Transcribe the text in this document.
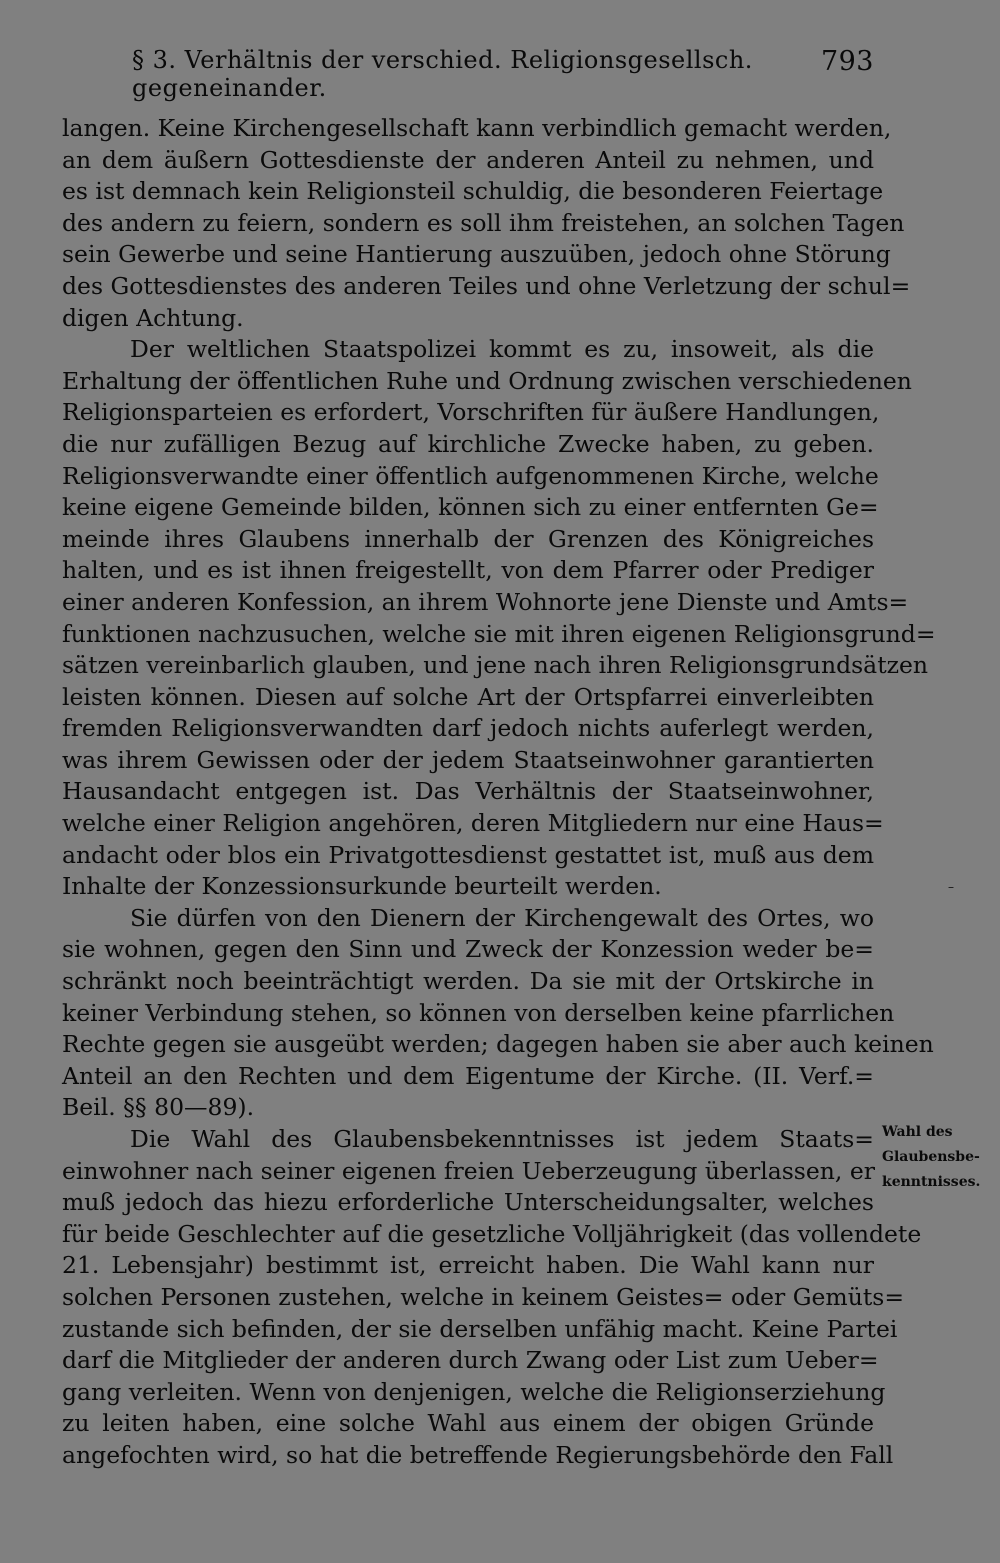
§ 3. Verhältnis der verschied. Religionsgesellsch. gegeneinander.
793
langen. Keine Kirchengesellschaft kann verbindlich gemacht werden,
an dem äußern Gottesdienste der anderen Anteil zu nehmen, und
es ist demnach kein Religionsteil schuldig, die besonderen Feiertage
des andern zu feiern, sondern es soll ihm freistehen, an solchen Tagen
sein Gewerbe und seine Hantierung auszuüben, jedoch ohne Störung
des Gottesdienstes des anderen Teiles und ohne Verletzung der schul=
digen Achtung.
Der weltlichen Staatspolizei kommt es zu, insoweit, als die
Erhaltung der öffentlichen Ruhe und Ordnung zwischen verschiedenen
Religionsparteien es erfordert, Vorschriften für äußere Handlungen,
die nur zufälligen Bezug auf kirchliche Zwecke haben, zu geben.
Religionsverwandte einer öffentlich aufgenommenen Kirche, welche
keine eigene Gemeinde bilden, können sich zu einer entfernten Ge=
meinde ihres Glaubens innerhalb der Grenzen des Königreiches
halten, und es ist ihnen freigestellt, von dem Pfarrer oder Prediger
einer anderen Konfession, an ihrem Wohnorte jene Dienste und Amts=
funktionen nachzusuchen, welche sie mit ihren eigenen Religionsgrund=
sätzen vereinbarlich glauben, und jene nach ihren Religionsgrundsätzen
leisten können. Diesen auf solche Art der Ortspfarrei einverleibten
fremden Religionsverwandten darf jedoch nichts auferlegt werden,
was ihrem Gewissen oder der jedem Staatseinwohner garantierten
Hausandacht entgegen ist. Das Verhältnis der Staatseinwohner,
welche einer Religion angehören, deren Mitgliedern nur eine Haus=
andacht oder blos ein Privatgottesdienst gestattet ist, muß aus dem
Inhalte der Konzessionsurkunde beurteilt werden.
Sie dürfen von den Dienern der Kirchengewalt des Ortes, wo
sie wohnen, gegen den Sinn und Zweck der Konzession weder be=
schränkt noch beeinträchtigt werden. Da sie mit der Ortskirche in
keiner Verbindung stehen, so können von derselben keine pfarrlichen
Rechte gegen sie ausgeübt werden; dagegen haben sie aber auch keinen
Anteil an den Rechten und dem Eigentume der Kirche. (II. Verf.=
Beil. §§ 80—89).
Die Wahl des Glaubensbekenntnisses ist jedem Staats=
einwohner nach seiner eigenen freien Ueberzeugung überlassen, er
muß jedoch das hiezu erforderliche Unterscheidungsalter, welches
für beide Geschlechter auf die gesetzliche Volljährigkeit (das vollendete
21. Lebensjahr) bestimmt ist, erreicht haben. Die Wahl kann nur
solchen Personen zustehen, welche in keinem Geistes= oder Gemüts=
zustande sich befinden, der sie derselben unfähig macht. Keine Partei
darf die Mitglieder der anderen durch Zwang oder List zum Ueber=
gang verleiten. Wenn von denjenigen, welche die Religionserziehung
zu leiten haben, eine solche Wahl aus einem der obigen Gründe
angefochten wird, so hat die betreffende Regierungsbehörde den Fall
–
Wahl des
Glaubensbe-
kenntnisses.
